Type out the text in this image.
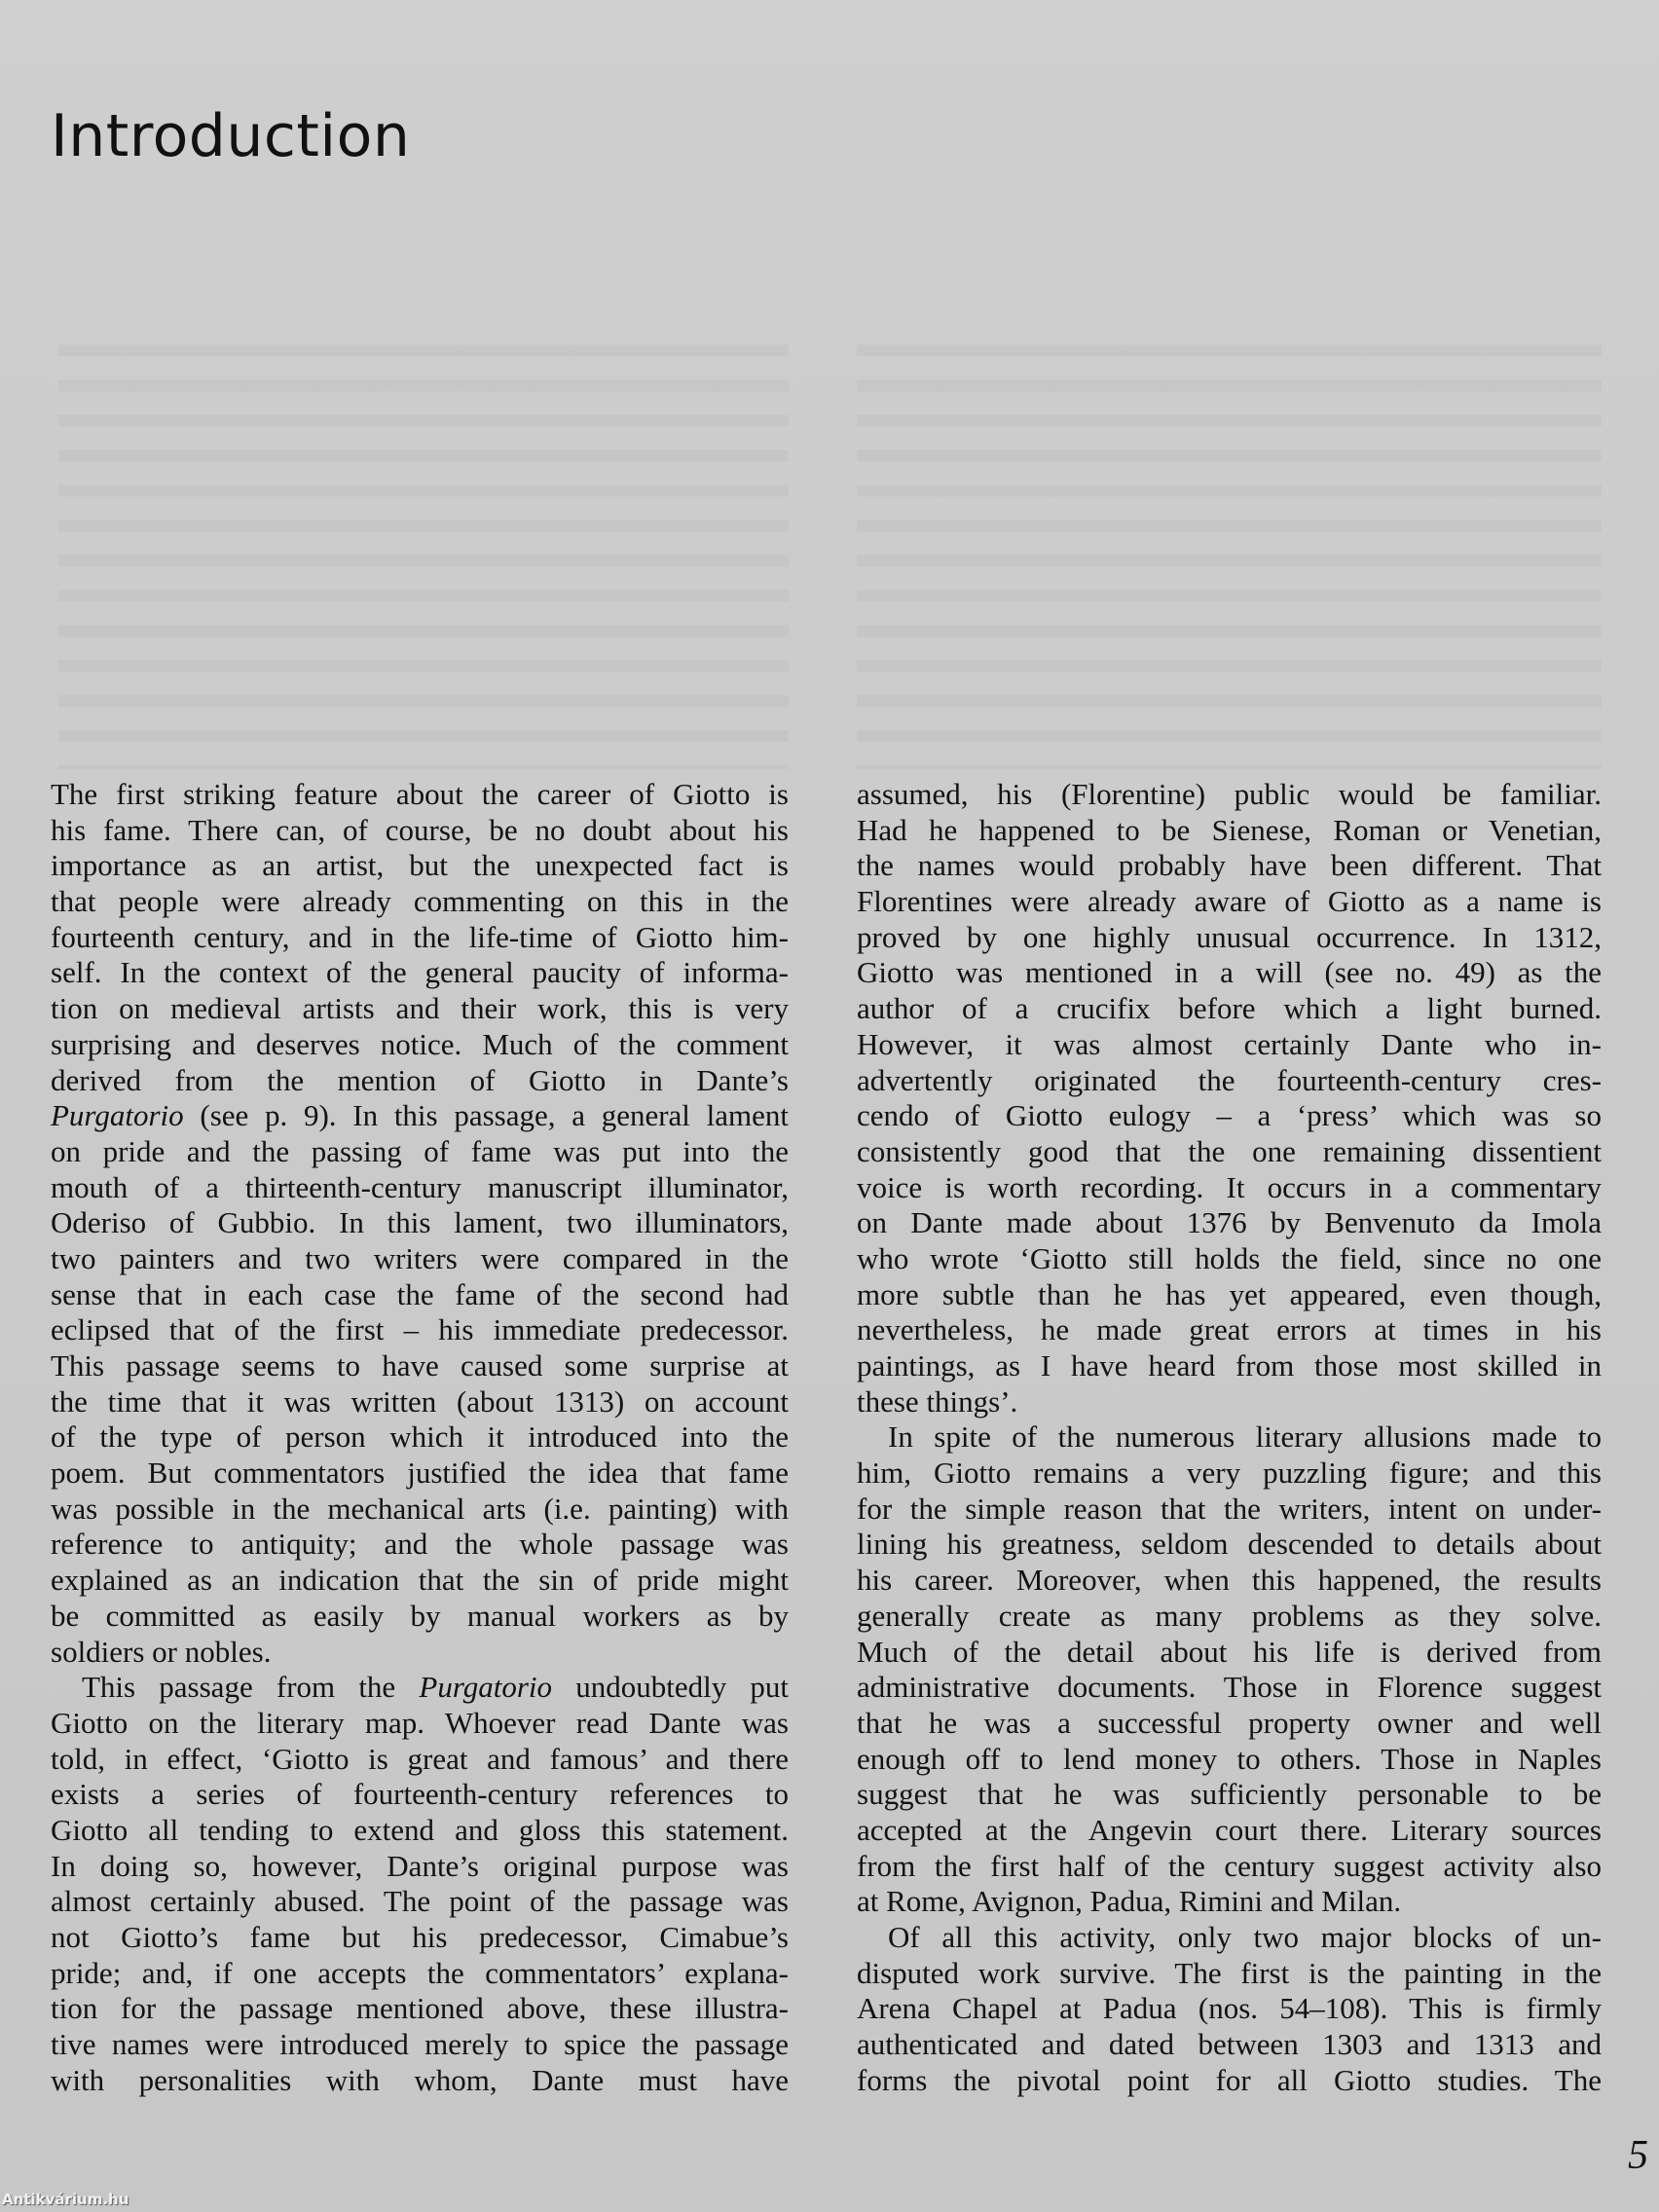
Introduction
The first striking feature about the career of Giotto is
his fame. There can, of course, be no doubt about his
importance as an artist, but the unexpected fact is
that people were already commenting on this in the
fourteenth century, and in the life-time of Giotto him-
self. In the context of the general paucity of informa-
tion on medieval artists and their work, this is very
surprising and deserves notice. Much of the comment
derived from the mention of Giotto in Dante’s
Purgatorio (see p. 9). In this passage, a general lament
on pride and the passing of fame was put into the
mouth of a thirteenth-century manuscript illuminator,
Oderiso of Gubbio. In this lament, two illuminators,
two painters and two writers were compared in the
sense that in each case the fame of the second had
eclipsed that of the first – his immediate predecessor.
This passage seems to have caused some surprise at
the time that it was written (about 1313) on account
of the type of person which it introduced into the
poem. But commentators justified the idea that fame
was possible in the mechanical arts (i.e. painting) with
reference to antiquity; and the whole passage was
explained as an indication that the sin of pride might
be committed as easily by manual workers as by
soldiers or nobles.
This passage from the Purgatorio undoubtedly put
Giotto on the literary map. Whoever read Dante was
told, in effect, ‘Giotto is great and famous’ and there
exists a series of fourteenth-century references to
Giotto all tending to extend and gloss this statement.
In doing so, however, Dante’s original purpose was
almost certainly abused. The point of the passage was
not Giotto’s fame but his predecessor, Cimabue’s
pride; and, if one accepts the commentators’ explana-
tion for the passage mentioned above, these illustra-
tive names were introduced merely to spice the passage
with personalities with whom, Dante must have
assumed, his (Florentine) public would be familiar.
Had he happened to be Sienese, Roman or Venetian,
the names would probably have been different. That
Florentines were already aware of Giotto as a name is
proved by one highly unusual occurrence. In 1312,
Giotto was mentioned in a will (see no. 49) as the
author of a crucifix before which a light burned.
However, it was almost certainly Dante who in-
advertently originated the fourteenth-century cres-
cendo of Giotto eulogy – a ‘press’ which was so
consistently good that the one remaining dissentient
voice is worth recording. It occurs in a commentary
on Dante made about 1376 by Benvenuto da Imola
who wrote ‘Giotto still holds the field, since no one
more subtle than he has yet appeared, even though,
nevertheless, he made great errors at times in his
paintings, as I have heard from those most skilled in
these things’.
In spite of the numerous literary allusions made to
him, Giotto remains a very puzzling figure; and this
for the simple reason that the writers, intent on under-
lining his greatness, seldom descended to details about
his career. Moreover, when this happened, the results
generally create as many problems as they solve.
Much of the detail about his life is derived from
administrative documents. Those in Florence suggest
that he was a successful property owner and well
enough off to lend money to others. Those in Naples
suggest that he was sufficiently personable to be
accepted at the Angevin court there. Literary sources
from the first half of the century suggest activity also
at Rome, Avignon, Padua, Rimini and Milan.
Of all this activity, only two major blocks of un-
disputed work survive. The first is the painting in the
Arena Chapel at Padua (nos. 54–108). This is firmly
authenticated and dated between 1303 and 1313 and
forms the pivotal point for all Giotto studies. The
5
Antikvárium.hu
